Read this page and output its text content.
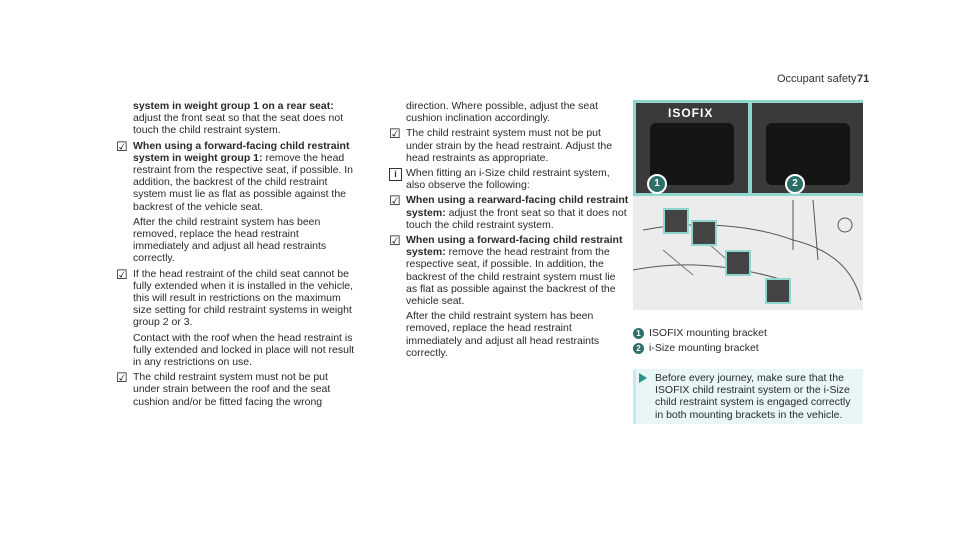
Occupant safety 71
system in weight group 1 on a rear seat: adjust the front seat so that the seat does not touch the child restraint system.
☑ When using a forward-facing child restraint system in weight group 1: remove the head restraint from the respective seat, if possible. In addition, the backrest of the child restraint system must lie as flat as possible against the backrest of the vehicle seat.
After the child restraint system has been removed, replace the head restraint immediately and adjust all head restraints correctly.
☑ If the head restraint of the child seat cannot be fully extended when it is installed in the vehicle, this will result in restrictions on the maximum size setting for child restraint systems in weight group 2 or 3.
Contact with the roof when the head restraint is fully extended and locked in place will not result in any restrictions on use.
☑ The child restraint system must not be put under strain between the roof and the seat cushion and/or be fitted facing the wrong
direction. Where possible, adjust the seat cushion inclination accordingly.
☑ The child restraint system must not be put under strain by the head restraint. Adjust the head restraints as appropriate.
i When fitting an i-Size child restraint system, also observe the following:
☑ When using a rearward-facing child restraint system: adjust the front seat so that it does not touch the child restraint system.
☑ When using a forward-facing child restraint system: remove the head restraint from the respective seat, if possible. In addition, the backrest of the child restraint system must lie as flat as possible against the backrest of the vehicle seat.
After the child restraint system has been removed, replace the head restraint immediately and adjust all head restraints correctly.
ISOFIX
1	2
1 ISOFIX mounting bracket
2 i-Size mounting bracket
Before every journey, make sure that the ISOFIX child restraint system or the i-Size child restraint system is engaged correctly in both mounting brackets in the vehicle.
